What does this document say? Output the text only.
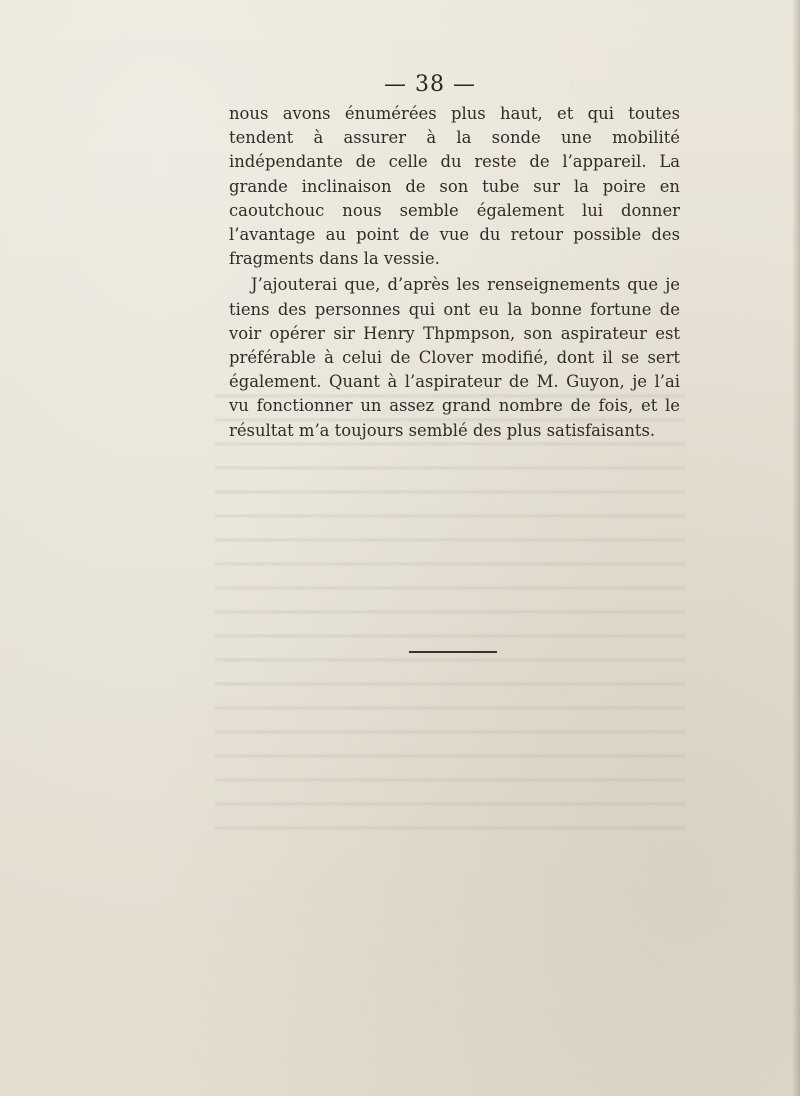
— 38 —

nous avons énumérées plus haut, et qui toutes tendent à assurer à la sonde une mobilité indépendante de celle du reste de l’appareil. La grande inclinaison de son tube sur la poire en caoutchouc nous semble également lui donner l’avantage au point de vue du retour possible des fragments dans la vessie.

J’ajouterai que, d’après les renseignements que je tiens des personnes qui ont eu la bonne fortune de voir opérer sir Henry Thpmpson, son aspirateur est préférable à celui de Clover modifié, dont il se sert également. Quant à l’aspirateur de M. Guyon, je l’ai vu fonctionner un assez grand nombre de fois, et le résultat m’a toujours semblé des plus satisfaisants.
